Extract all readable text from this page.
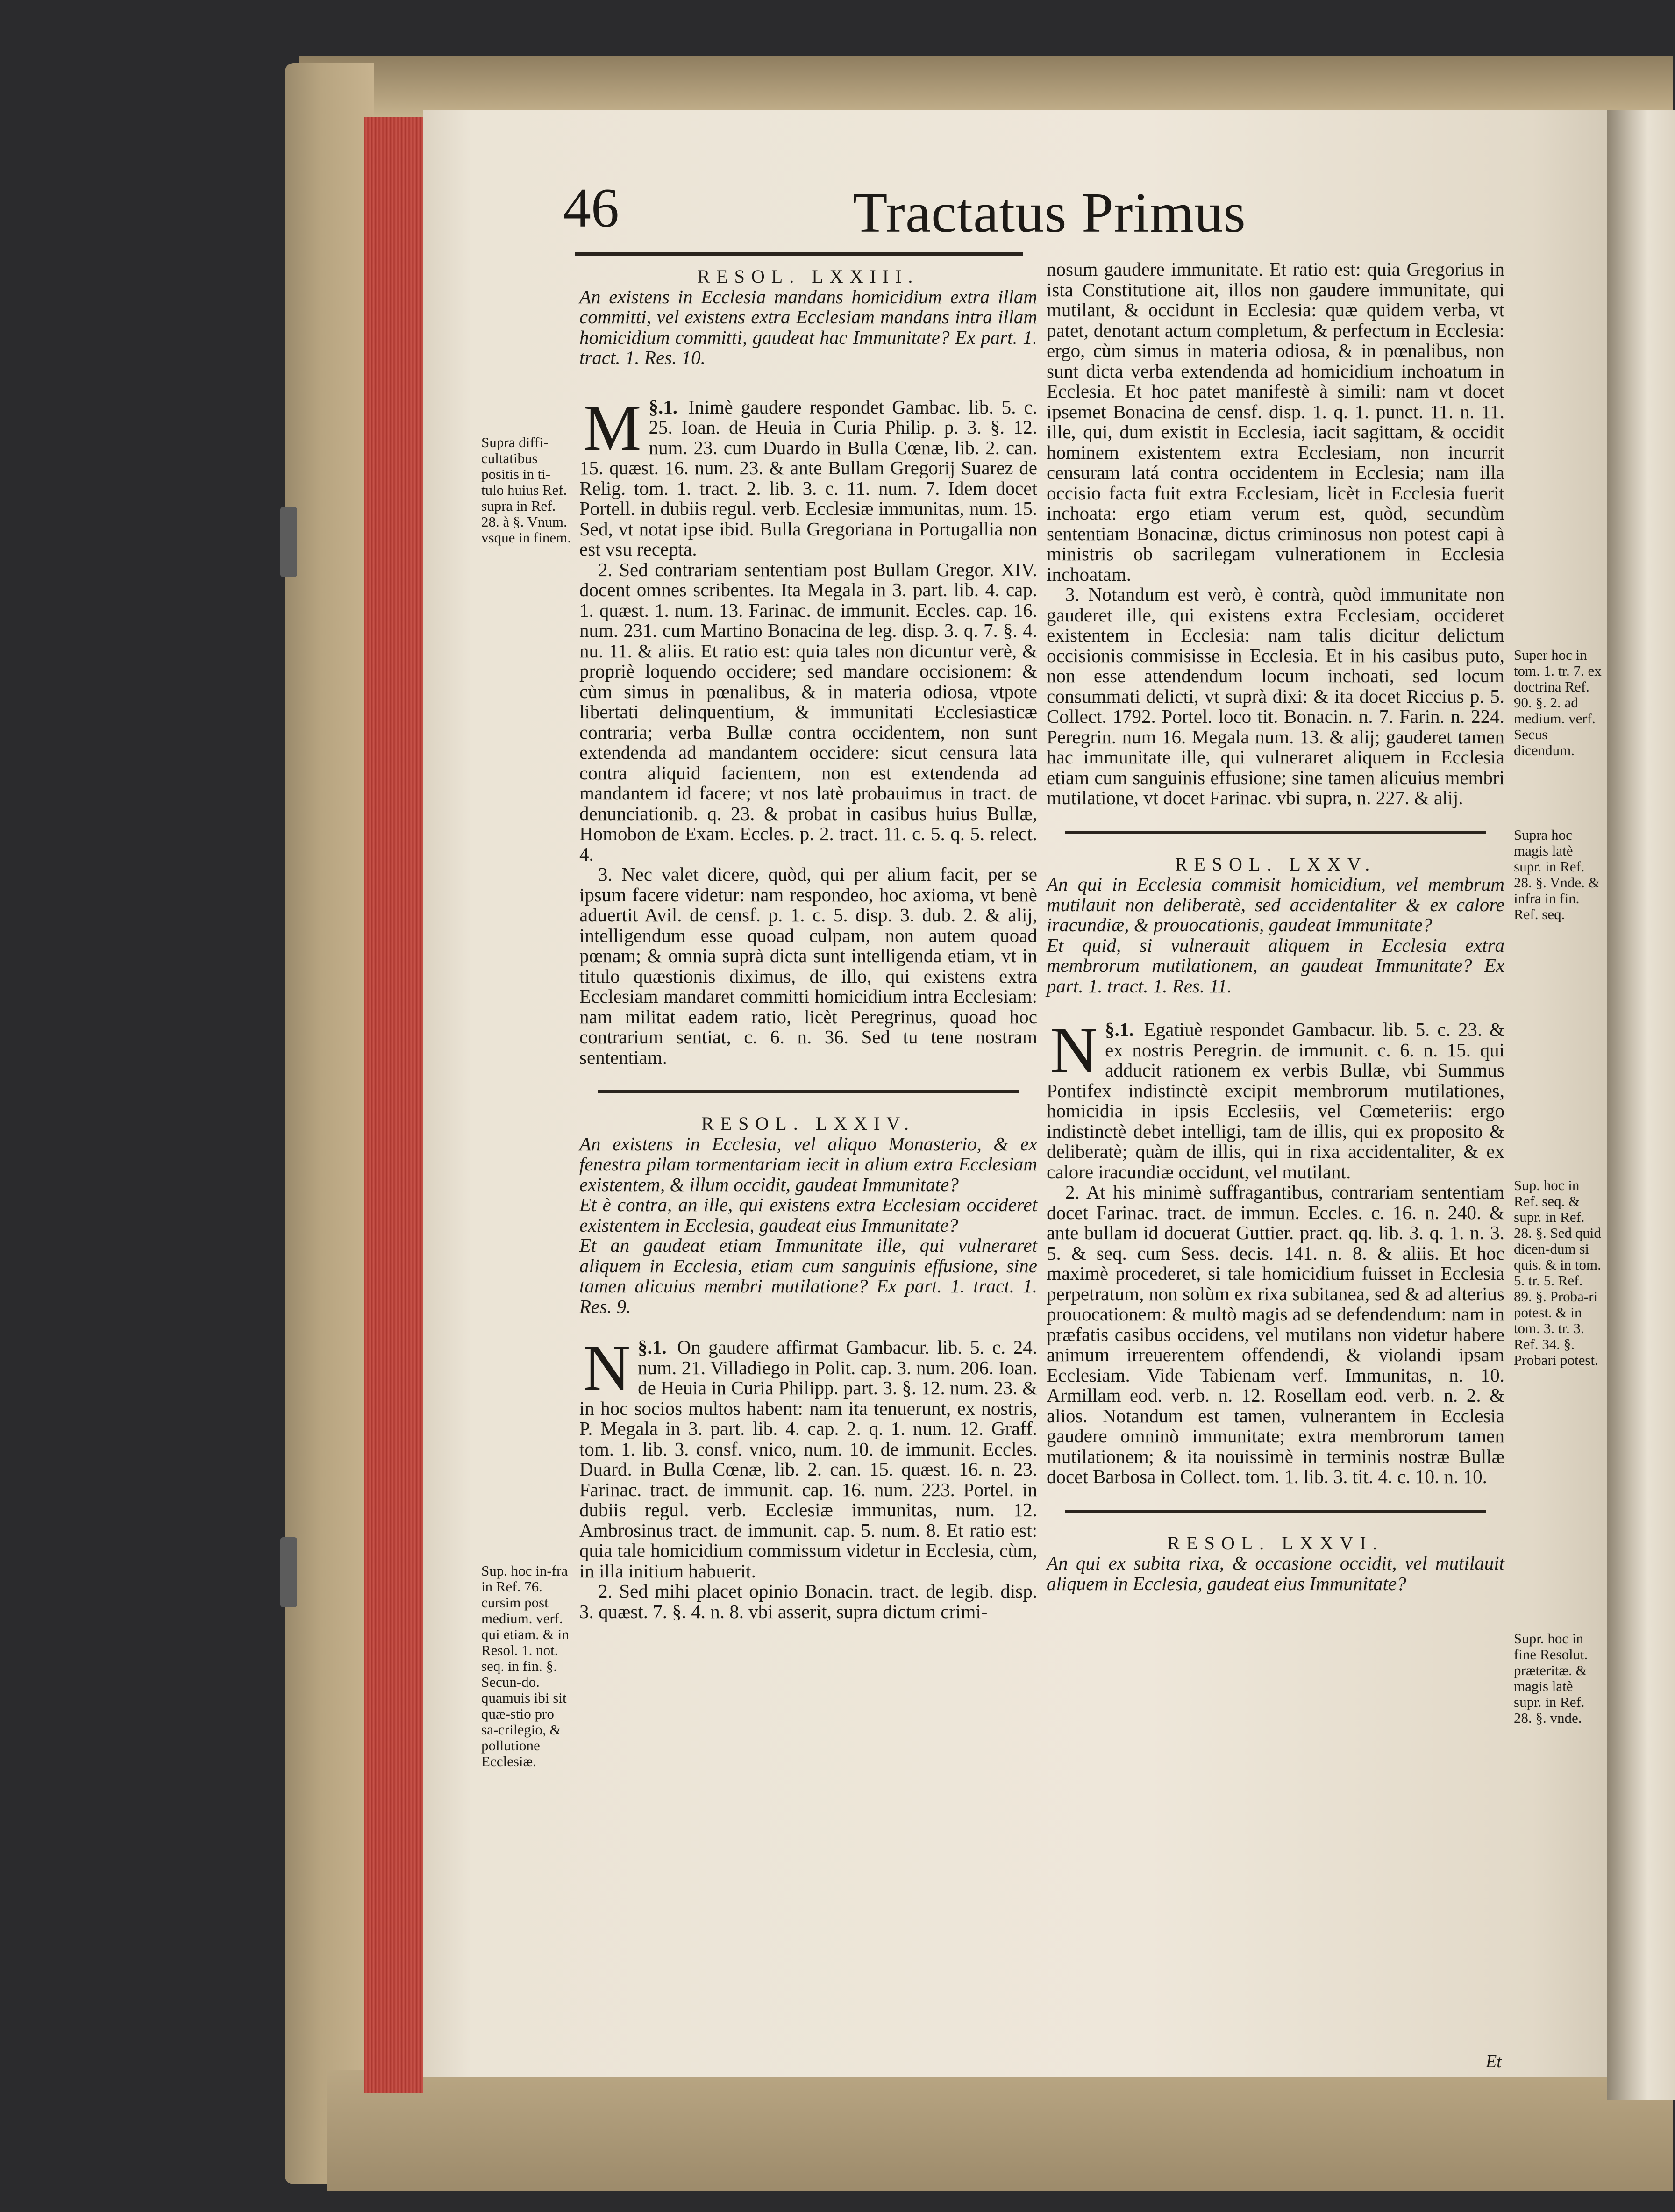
46	Tractatus Primus

RESOL. LXXIII.

An existens in Ecclesia mandans homicidium extra illam committi, vel existens extra Ecclesiam mandans intra illam homicidium committi, gaudeat hac Immunitate? Ex part. 1. tract. 1. Res. 10.

M §.1. Inimè gaudere respondet Gambac. lib. 5. c. 25. Ioan. de Heuia in Curia Philip. p. 3. §. 12. num. 23. cum Duardo in Bulla Cœnæ, lib. 2. can. 15. quæst. 16. num. 23. & ante Bullam Gregorij Suarez de Relig. tom. 1. tract. 2. lib. 3. c. 11. num. 7. Idem docet Portell. in dubiis regul. verb. Ecclesiæ immunitas, num. 15. Sed, vt notat ipse ibid. Bulla Gregoriana in Portugallia non est vsu recepta.

2. Sed contrariam sententiam post Bullam Gregor. XIV. docent omnes scribentes. Ita Megala in 3. part. lib. 4. cap. 1. quæst. 1. num. 13. Farinac. de immunit. Eccles. cap. 16. num. 231. cum Martino Bonacina de leg. disp. 3. q. 7. §. 4. nu. 11. & aliis. Et ratio est: quia tales non dicuntur verè, & propriè loquendo occidere; sed mandare occisionem: & cùm simus in pœnalibus, & in materia odiosa, vtpote libertati delinquentium, & immunitati Ecclesiasticæ contraria; verba Bullæ contra occidentem, non sunt extendenda ad mandantem occidere: sicut censura lata contra aliquid facientem, non est extendenda ad mandantem id facere; vt nos latè probauimus in tract. de denunciationib. q. 23. & probat in casibus huius Bullæ, Homobon de Exam. Eccles. p. 2. tract. 11. c. 5. q. 5. relect. 4.

3. Nec valet dicere, quòd, qui per alium facit, per se ipsum facere videtur: nam respondeo, hoc axioma, vt benè aduertit Avil. de censf. p. 1. c. 5. disp. 3. dub. 2. & alij, intelligendum esse quoad culpam, non autem quoad pœnam; & omnia suprà dicta sunt intelligenda etiam, vt in titulo quæstionis diximus, de illo, qui existens extra Ecclesiam mandaret committi homicidium intra Ecclesiam: nam militat eadem ratio, licèt Peregrinus, quoad hoc contrarium sentiat, c. 6. n. 36. Sed tu tene nostram sententiam.

RESOL. LXXIV.

An existens in Ecclesia, vel aliquo Monasterio, & ex fenestra pilam tormentariam iecit in alium extra Ecclesiam existentem, & illum occidit, gaudeat Immunitate?

Et è contra, an ille, qui existens extra Ecclesiam occideret existentem in Ecclesia, gaudeat eius Immunitate?

Et an gaudeat etiam Immunitate ille, qui vulneraret aliquem in Ecclesia, etiam cum sanguinis effusione, sine tamen alicuius membri mutilatione? Ex part. 1. tract. 1. Res. 9.

N §.1. On gaudere affirmat Gambacur. lib. 5. c. 24. num. 21. Villadiego in Polit. cap. 3. num. 206. Ioan. de Heuia in Curia Philipp. part. 3. §. 12. num. 23. & in hoc socios multos habent: nam ita tenuerunt, ex nostris, P. Megala in 3. part. lib. 4. cap. 2. q. 1. num. 12. Graff. tom. 1. lib. 3. consf. vnico, num. 10. de immunit. Eccles. Duard. in Bulla Cœnæ, lib. 2. can. 15. quæst. 16. n. 23. Farinac. tract. de immunit. cap. 16. num. 223. Portel. in dubiis regul. verb. Ecclesiæ immunitas, num. 12. Ambrosinus tract. de immunit. cap. 5. num. 8. Et ratio est: quia tale homicidium commissum videtur in Ecclesia, cùm, in illa initium habuerit.

2. Sed mihi placet opinio Bonacin. tract. de legib. disp. 3. quæst. 7. §. 4. n. 8. vbi asserit, supra dictum crimi-

nosum gaudere immunitate. Et ratio est: quia Gregorius in ista Constitutione ait, illos non gaudere immunitate, qui mutilant, & occidunt in Ecclesia: quæ quidem verba, vt patet, denotant actum completum, & perfectum in Ecclesia: ergo, cùm simus in materia odiosa, & in pœnalibus, non sunt dicta verba extendenda ad homicidium inchoatum in Ecclesia. Et hoc patet manifestè à simili: nam vt docet ipsemet Bonacina de censf. disp. 1. q. 1. punct. 11. n. 11. ille, qui, dum existit in Ecclesia, iacit sagittam, & occidit hominem existentem extra Ecclesiam, non incurrit censuram latá contra occidentem in Ecclesia; nam illa occisio facta fuit extra Ecclesiam, licèt in Ecclesia fuerit inchoata: ergo etiam verum est, quòd, secundùm sententiam Bonacinæ, dictus criminosus non potest capi à ministris ob sacrilegam vulnerationem in Ecclesia inchoatam.

3. Notandum est verò, è contrà, quòd immunitate non gauderet ille, qui existens extra Ecclesiam, occideret existentem in Ecclesia: nam talis dicitur delictum occisionis commisisse in Ecclesia. Et in his casibus puto, non esse attendendum locum inchoati, sed locum consummati delicti, vt suprà dixi: & ita docet Riccius p. 5. Collect. 1792. Portel. loco tit. Bonacin. n. 7. Farin. n. 224. Peregrin. num 16. Megala num. 13. & alij; gauderet tamen hac immunitate ille, qui vulneraret aliquem in Ecclesia etiam cum sanguinis effusione; sine tamen alicuius membri mutilatione, vt docet Farinac. vbi supra, n. 227. & alij.

RESOL. LXXV.

An qui in Ecclesia commisit homicidium, vel membrum mutilauit non deliberatè, sed accidentaliter & ex calore iracundiæ, & prouocationis, gaudeat Immunitate?

Et quid, si vulnerauit aliquem in Ecclesia extra membrorum mutilationem, an gaudeat Immunitate? Ex part. 1. tract. 1. Res. 11.

N §.1. Egatiuè respondet Gambacur. lib. 5. c. 23. & ex nostris Peregrin. de immunit. c. 6. n. 15. qui adducit rationem ex verbis Bullæ, vbi Summus Pontifex indistinctè excipit membrorum mutilationes, homicidia in ipsis Ecclesiis, vel Cœmeteriis: ergo indistinctè debet intelligi, tam de illis, qui ex proposito & deliberatè; quàm de illis, qui in rixa accidentaliter, & ex calore iracundiæ occidunt, vel mutilant.

2. At his minimè suffragantibus, contrariam sententiam docet Farinac. tract. de immun. Eccles. c. 16. n. 240. & ante bullam id docuerat Guttier. pract. qq. lib. 3. q. 1. n. 3. 5. & seq. cum Sess. decis. 141. n. 8. & aliis. Et hoc maximè procederet, si tale homicidium fuisset in Ecclesia perpetratum, non solùm ex rixa subitanea, sed & ad alterius prouocationem: & multò magis ad se defendendum: nam in præfatis casibus occidens, vel mutilans non videtur habere animum irreuerentem offendendi, & violandi ipsam Ecclesiam. Vide Tabienam verf. Immunitas, n. 10. Armillam eod. verb. n. 12. Rosellam eod. verb. n. 2. & alios. Notandum est tamen, vulnerantem in Ecclesia gaudere omninò immunitate; extra membrorum tamen mutilationem; & ita nouissimè in terminis nostræ Bullæ docet Barbosa in Collect. tom. 1. lib. 3. tit. 4. c. 10. n. 10.

RESOL. LXXVI.

An qui ex subita rixa, & occasione occidit, vel mutilauit aliquem in Ecclesia, gaudeat eius Immunitate?

Et
Supra diffi-cultatibus positis in ti-tulo huius Ref. supra in Ref. 28. à §. Vnum. vsque in finem.
Sup. hoc in-fra in Ref. 76. cursim post medium. verf. qui etiam. & in Resol. 1. not. seq. in fin. §. Secun-do. quamuis ibi sit quæ-stio pro sa-crilegio, & pollutione Ecclesiæ.
Super hoc in tom. 1. tr. 7. ex doctrina Ref. 90. §. 2. ad medium. verf. Secus dicendum.
Supra hoc magis latè supr. in Ref. 28. §. Vnde. & infra in fin. Ref. seq.
Sup. hoc in Ref. seq. & supr. in Ref. 28. §. Sed quid dicen-dum si quis. & in tom. 5. tr. 5. Ref. 89. §. Proba-ri potest. & in tom. 3. tr. 3. Ref. 34. §. Probari potest.
Supr. hoc in fine Resolut. præteritæ. & magis latè supr. in Ref. 28. §. vnde.
